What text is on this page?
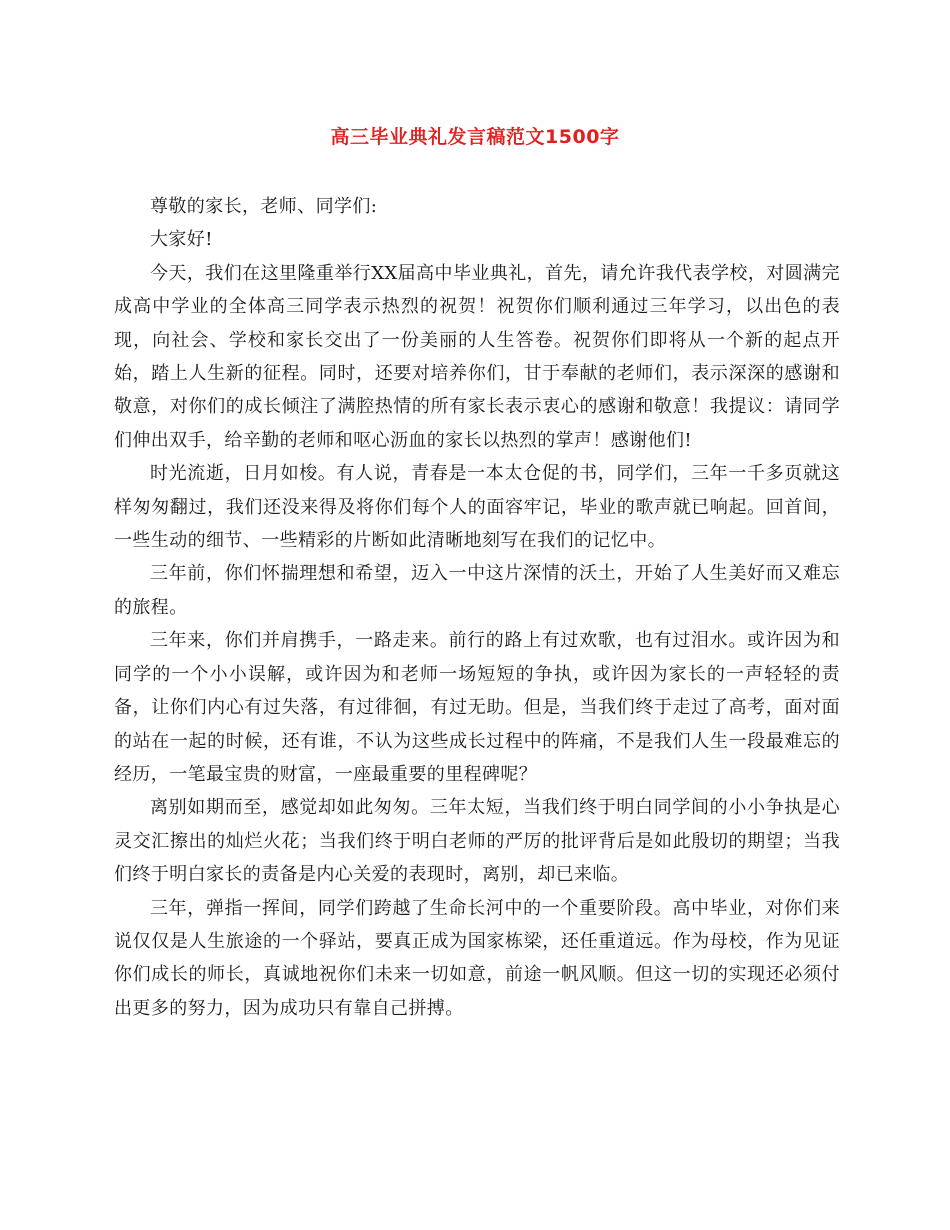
高三毕业典礼发言稿范文1500字

尊敬的家长，老师、同学们:

大家好!

今天，我们在这里隆重举行XX届高中毕业典礼，首先，请允许我代表学校，对圆满完成高中学业的全体高三同学表示热烈的祝贺！祝贺你们顺利通过三年学习，以出色的表现，向社会、学校和家长交出了一份美丽的人生答卷。祝贺你们即将从一个新的起点开始，踏上人生新的征程。同时，还要对培养你们，甘于奉献的老师们，表示深深的感谢和敬意，对你们的成长倾注了满腔热情的所有家长表示衷心的感谢和敬意！我提议：请同学们伸出双手，给辛勤的老师和呕心沥血的家长以热烈的掌声！感谢他们!

时光流逝，日月如梭。有人说，青春是一本太仓促的书，同学们，三年一千多页就这样匆匆翻过，我们还没来得及将你们每个人的面容牢记，毕业的歌声就已响起。回首间，一些生动的细节、一些精彩的片断如此清晰地刻写在我们的记忆中。

三年前，你们怀揣理想和希望，迈入一中这片深情的沃土，开始了人生美好而又难忘的旅程。

三年来，你们并肩携手，一路走来。前行的路上有过欢歌，也有过泪水。或许因为和同学的一个小小误解，或许因为和老师一场短短的争执，或许因为家长的一声轻轻的责备，让你们内心有过失落，有过徘徊，有过无助。但是，当我们终于走过了高考，面对面的站在一起的时候，还有谁，不认为这些成长过程中的阵痛，不是我们人生一段最难忘的经历，一笔最宝贵的财富，一座最重要的里程碑呢？

离别如期而至，感觉却如此匆匆。三年太短，当我们终于明白同学间的小小争执是心灵交汇擦出的灿烂火花；当我们终于明白老师的严厉的批评背后是如此殷切的期望；当我们终于明白家长的责备是内心关爱的表现时，离别，却已来临。

三年，弹指一挥间，同学们跨越了生命长河中的一个重要阶段。高中毕业，对你们来说仅仅是人生旅途的一个驿站，要真正成为国家栋梁，还任重道远。作为母校，作为见证你们成长的师长，真诚地祝你们未来一切如意，前途一帆风顺。但这一切的实现还必须付出更多的努力，因为成功只有靠自己拼搏。
